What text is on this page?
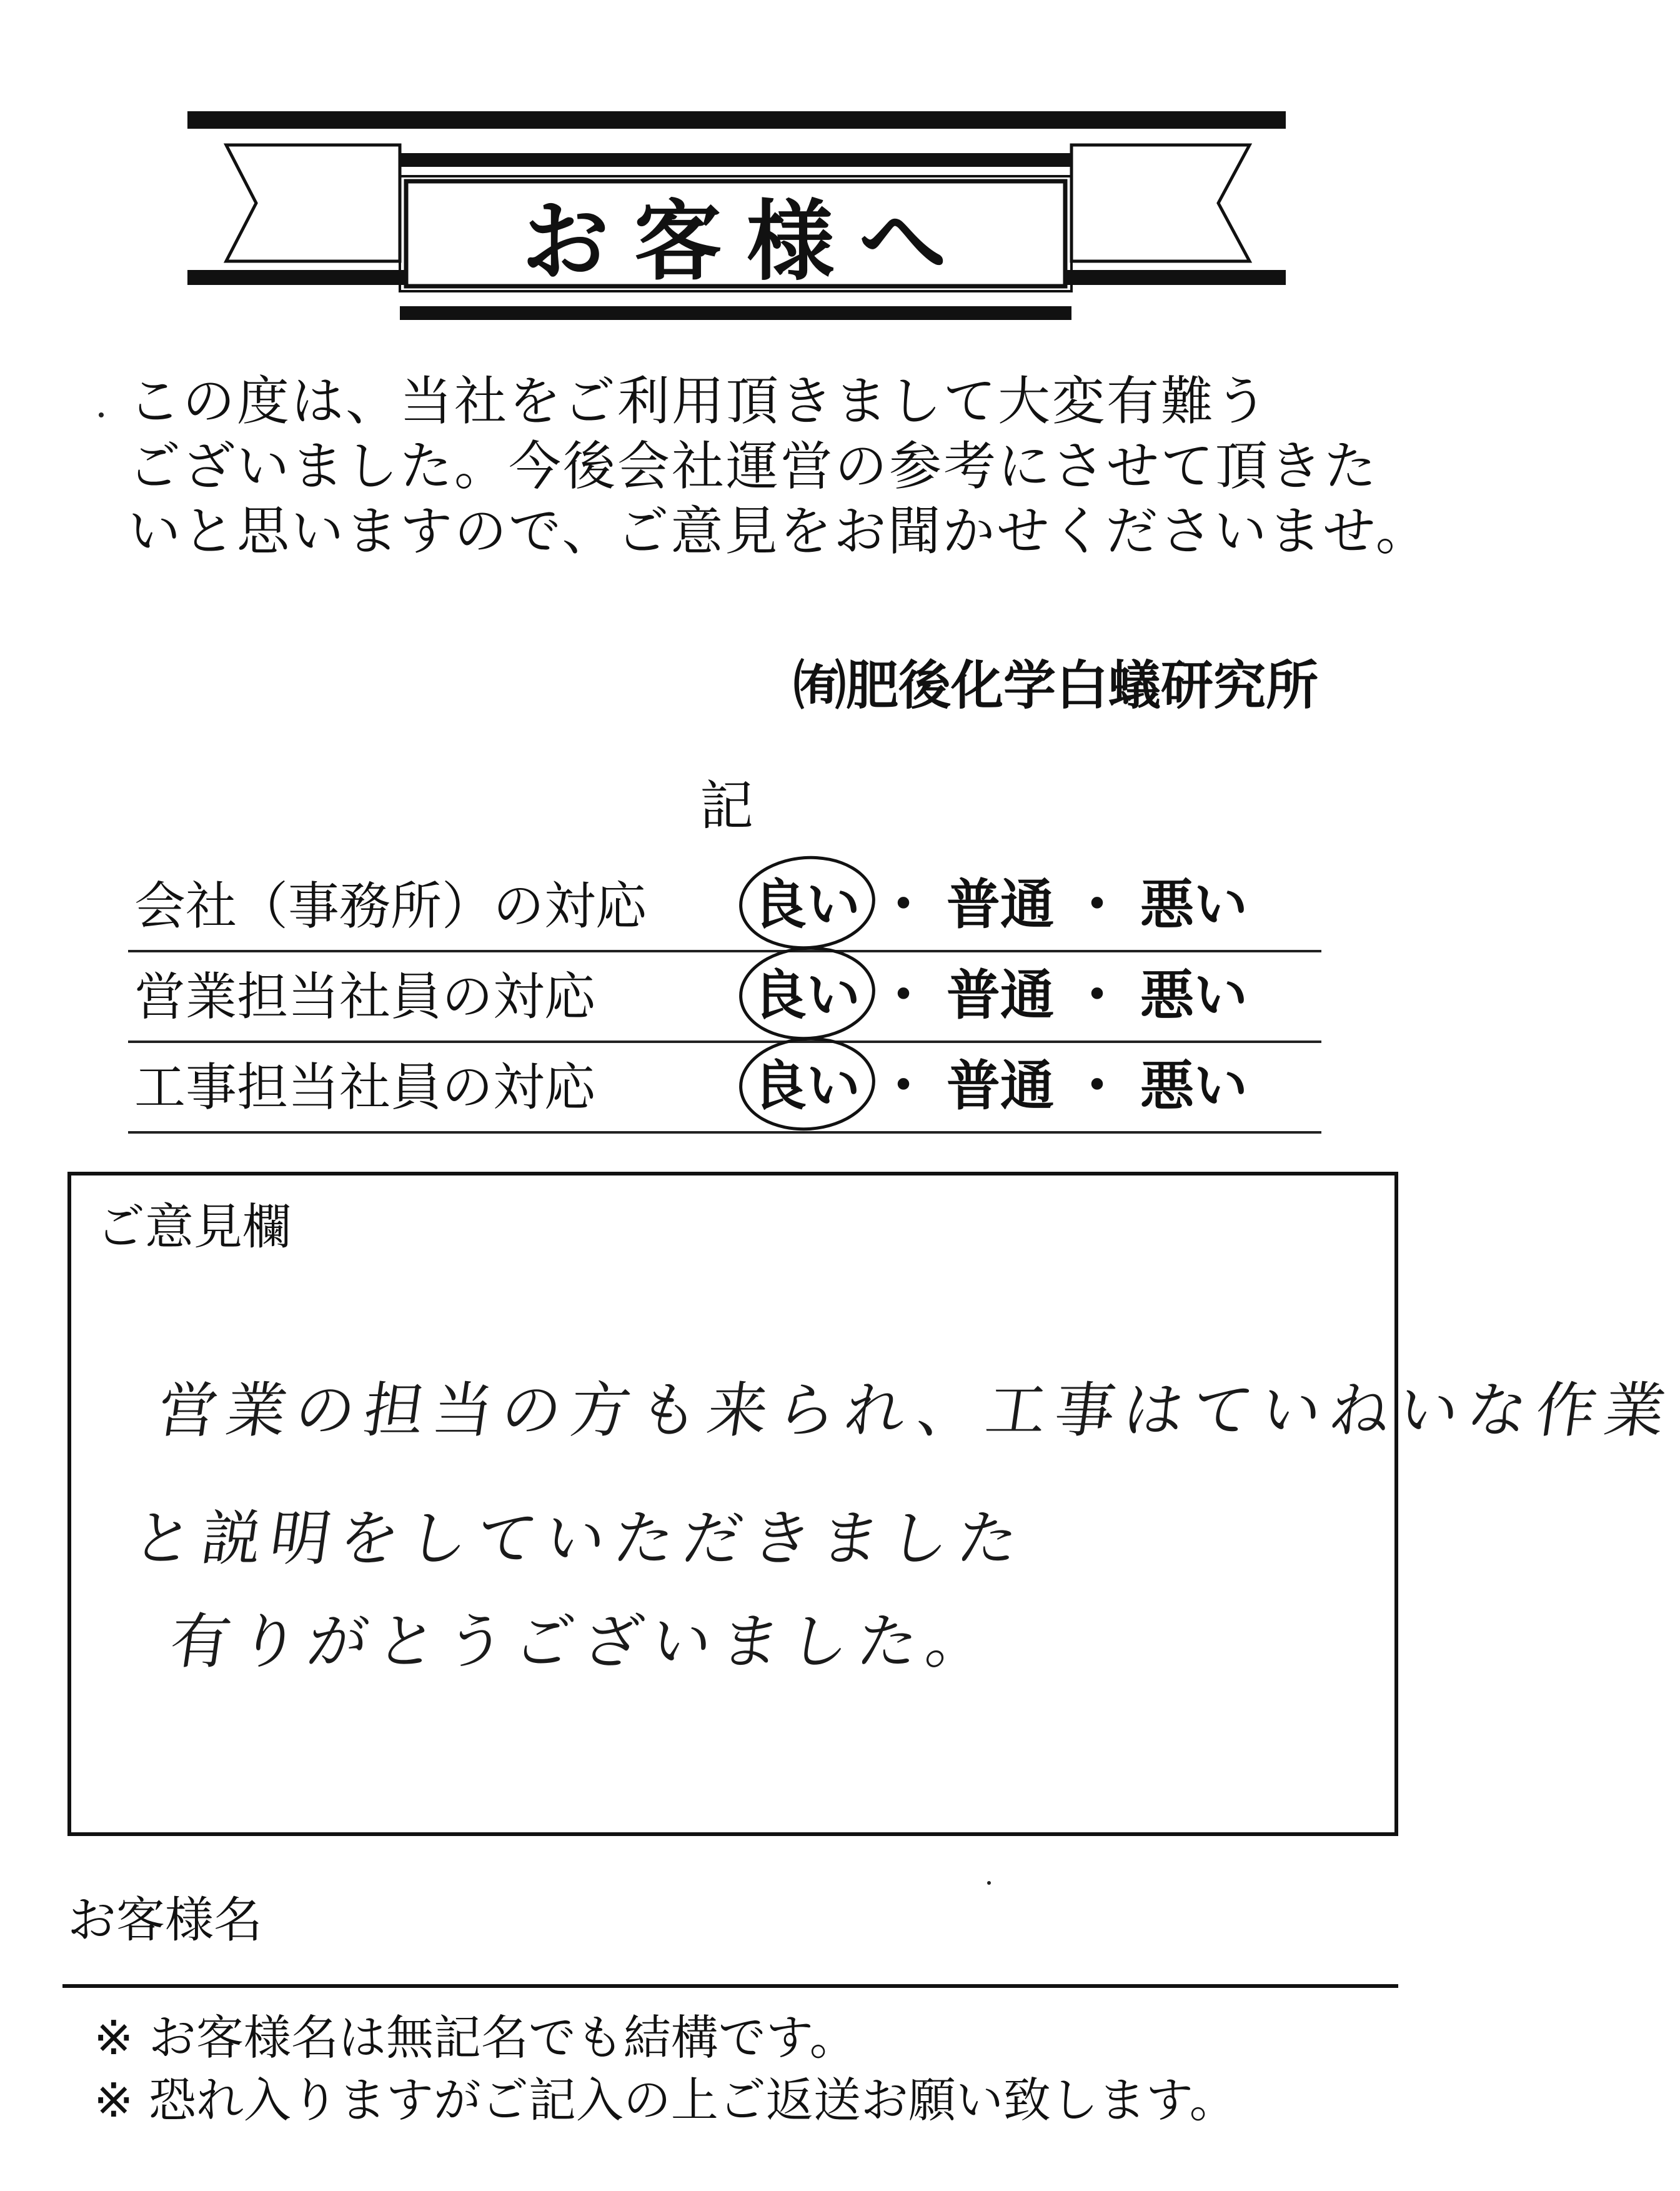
お客様へ
この度は、当社をご利用頂きまして大変有難う
ございました。今後会社運営の参考にさせて頂きた
いと思いますので、ご意見をお聞かせくださいませ。
㈲肥後化学白蟻研究所
記
会社（事務所）の対応 良い ・ 普通 ・ 悪い
営業担当社員の対応	良い ・ 普通 ・ 悪い
工事担当社員の対応	良い ・ 普通 ・ 悪い
ご意見欄
営業の担当の方も来られ、工事はていねいな作業
と説明をしていただきました
有りがとうございました。
お客様名
※ お客様名は無記名でも結構です。
※ 恐れ入りますがご記入の上ご返送お願い致します。
